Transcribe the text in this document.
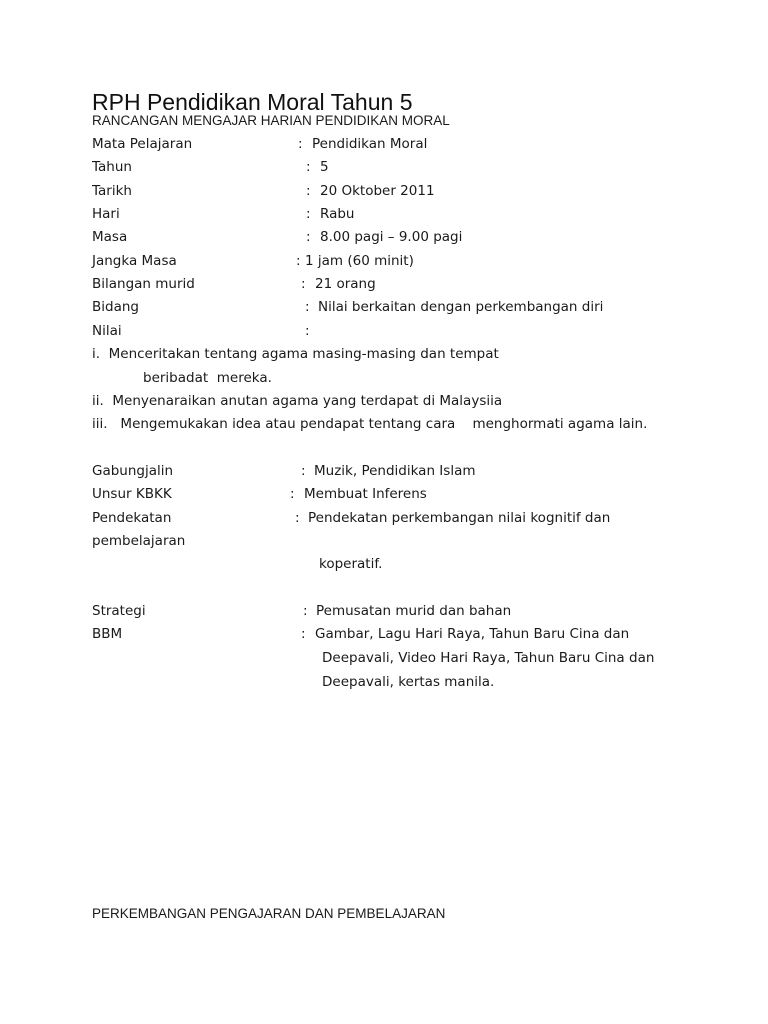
RPH Pendidikan Moral Tahun 5
RANCANGAN MENGAJAR HARIAN PENDIDIKAN MORAL
Mata Pelajaran	: Pendidikan Moral
Tahun	: 5
Tarikh	: 20 Oktober 2011
Hari	: Rabu
Masa	: 8.00 pagi – 9.00 pagi
Jangka Masa	: 1 jam (60 minit)
Bilangan murid	: 21 orang
Bidang	: Nilai berkaitan dengan perkembangan diri
Nilai	:
i.  Menceritakan tentang agama masing-masing dan tempat
beribadat  mereka.
ii.  Menyenaraikan anutan agama yang terdapat di Malaysiia
iii.   Mengemukakan idea atau pendapat tentang cara    menghormati agama lain.
Gabungjalin	: Muzik, Pendidikan Islam
Unsur KBKK	: Membuat Inferens
Pendekatan	: Pendekatan perkembangan nilai kognitif dan
pembelajaran
koperatif.
Strategi	: Pemusatan murid dan bahan
BBM	: Gambar, Lagu Hari Raya, Tahun Baru Cina dan
Deepavali, Video Hari Raya, Tahun Baru Cina dan
Deepavali, kertas manila.
PERKEMBANGAN PENGAJARAN DAN PEMBELAJARAN
